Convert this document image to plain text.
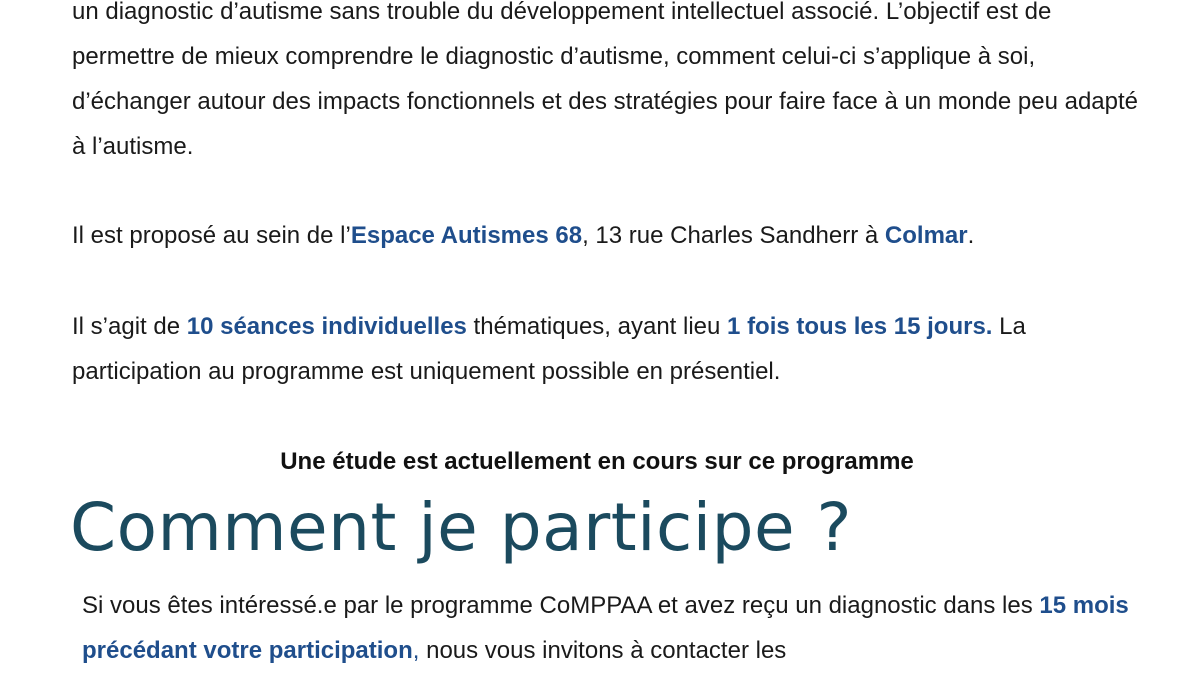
un diagnostic d’autisme sans trouble du développement intellectuel associé. L’objectif est de permettre de mieux comprendre le diagnostic d’autisme, comment celui-ci s’applique à soi, d’échanger autour des impacts fonctionnels et des stratégies pour faire face à un monde peu adapté à l’autisme.

Il est proposé au sein de l’Espace Autismes 68, 13 rue Charles Sandherr à Colmar.

Il s’agit de 10 séances individuelles thématiques, ayant lieu 1 fois tous les 15 jours. La participation au programme est uniquement possible en présentiel.

Une étude est actuellement en cours sur ce programme
Comment je participe ?

Si vous êtes intéressé.e par le programme CoMPPAA et avez reçu un diagnostic dans les 15 mois précédant votre participation, nous vous invitons à contacter les
